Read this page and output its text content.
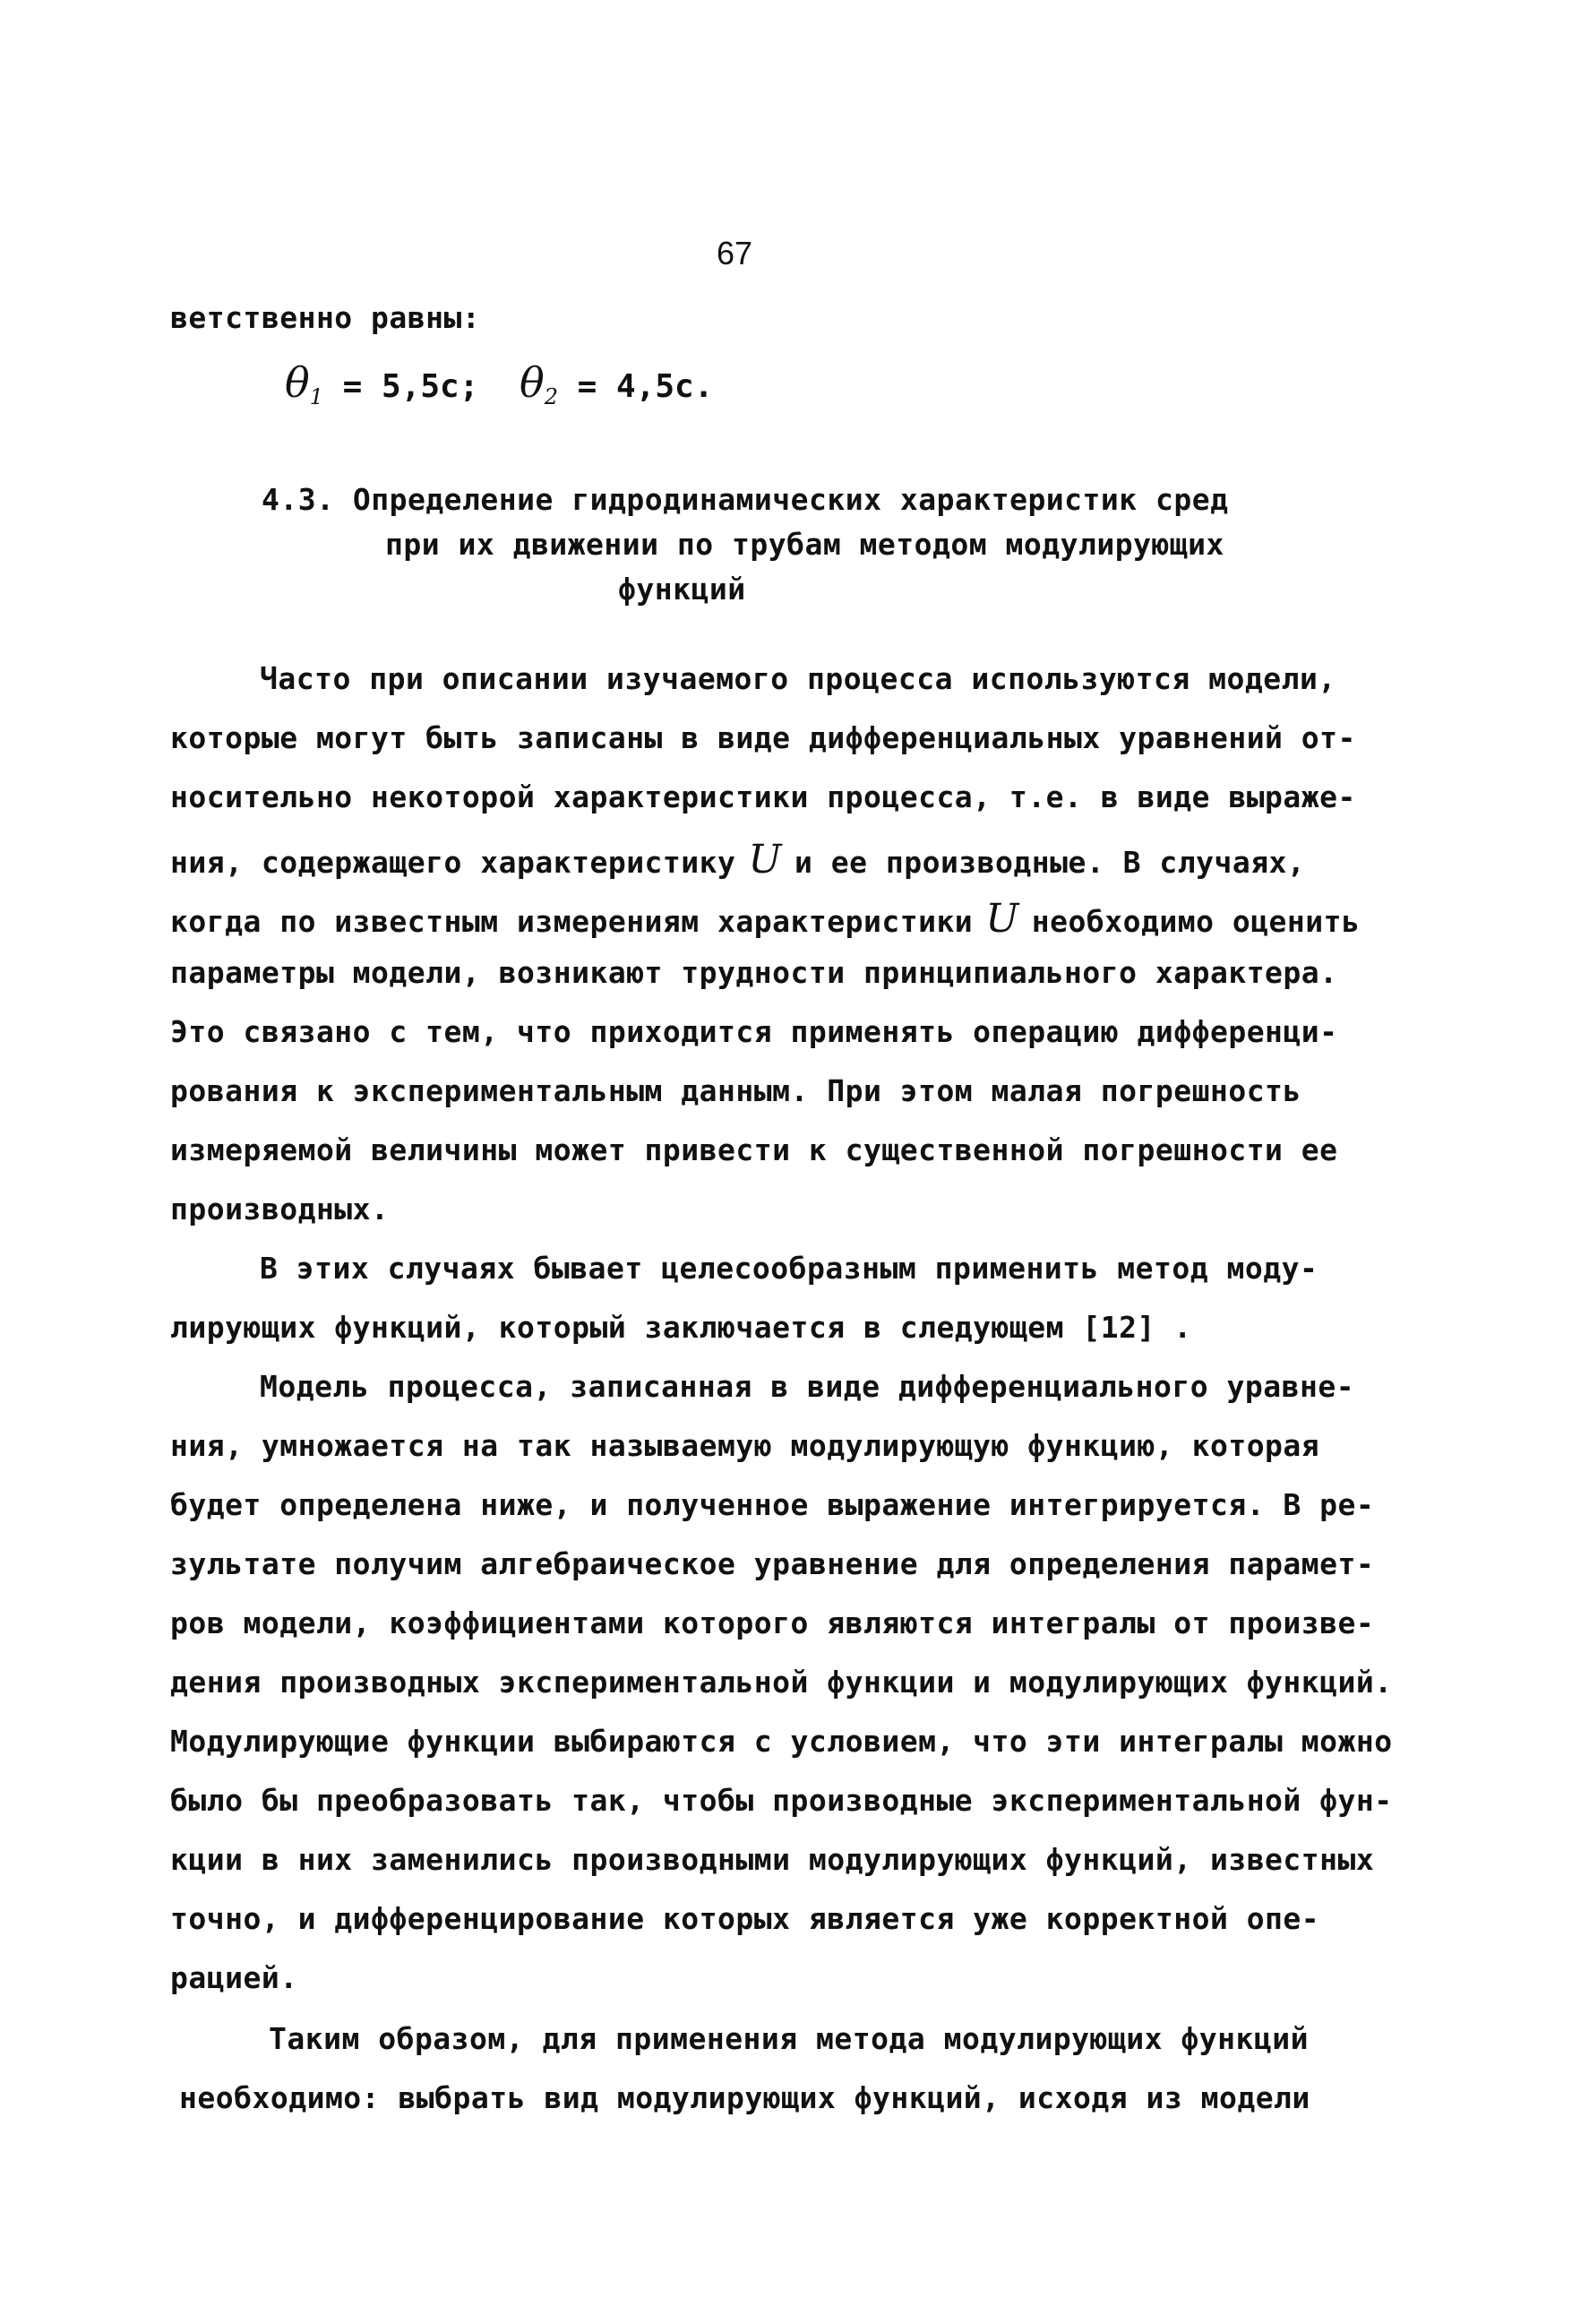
67
ветственно равны:
$\theta_1 = 5,5с$; $\theta_2 = 4,5с$.
4.3. Определение гидродинамических характеристик сред
при их движении по трубам методом модулирующих
функций
Часто при описании изучаемого процесса используются модели,
которые могут быть записаны в виде дифференциальных уравнений от-
носительно некоторой характеристики процесса, т.е. в виде выраже-
ния, содержащего характеристику U и ее производные. В случаях,
когда по известным измерениям характеристики U необходимо оценить
параметры модели, возникают трудности принципиального характера.
Это связано с тем, что приходится применять операцию дифференци-
рования к экспериментальным данным. При этом малая погрешность
измеряемой величины может привести к существенной погрешности ее
производных.
В этих случаях бывает целесообразным применить метод моду-
лирующих функций, который заключается в следующем [12] .
Модель процесса, записанная в виде дифференциального уравне-
ния, умножается на так называемую модулирующую функцию, которая
будет определена ниже, и полученное выражение интегрируется. В ре-
зультате получим алгебраическое уравнение для определения парамет-
ров модели, коэффициентами которого являются интегралы от произве-
дения производных экспериментальной функции и модулирующих функций.
Модулирующие функции выбираются с условием, что эти интегралы можно
было бы преобразовать так, чтобы производные экспериментальной фун-
кции в них заменились производными модулирующих функций, известных
точно, и дифференцирование которых является уже корректной опе-
рацией.
Таким образом, для применения метода модулирующих функций
необходимо: выбрать вид модулирующих функций, исходя из модели
